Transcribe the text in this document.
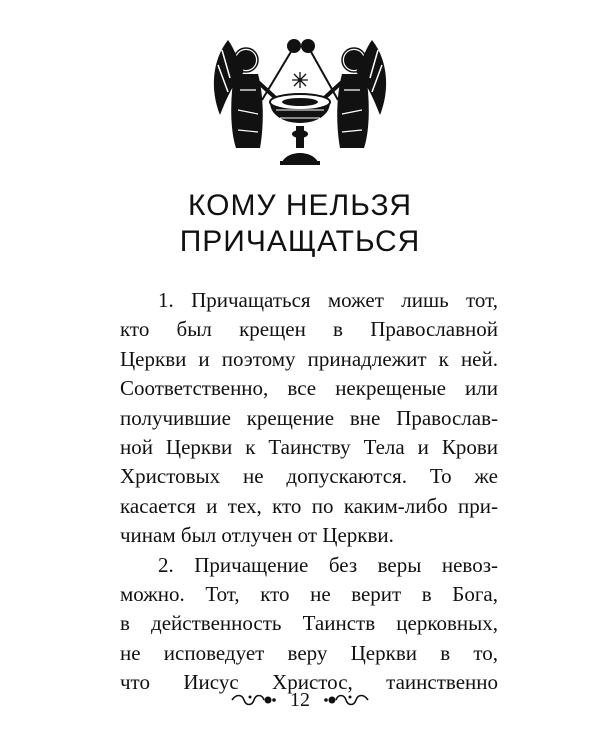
КОМУ НЕЛЬЗЯ
ПРИЧАЩАТЬСЯ
1. Причащаться может лишь тот,
кто был крещен в Православной
Церкви и поэтому принадлежит к ней.
Соответственно, все некрещеные или
получившие крещение вне Православ-
ной Церкви к Таинству Тела и Крови
Христовых не допускаются. То же
касается и тех, кто по каким-либо при-
чинам был отлучен от Церкви.
2. Причащение без веры невоз-
можно. Тот, кто не верит в Бога,
в действенность Таинств церковных,
не исповедует веру Церкви в то,
что Иисус Христос, таинственно
12
